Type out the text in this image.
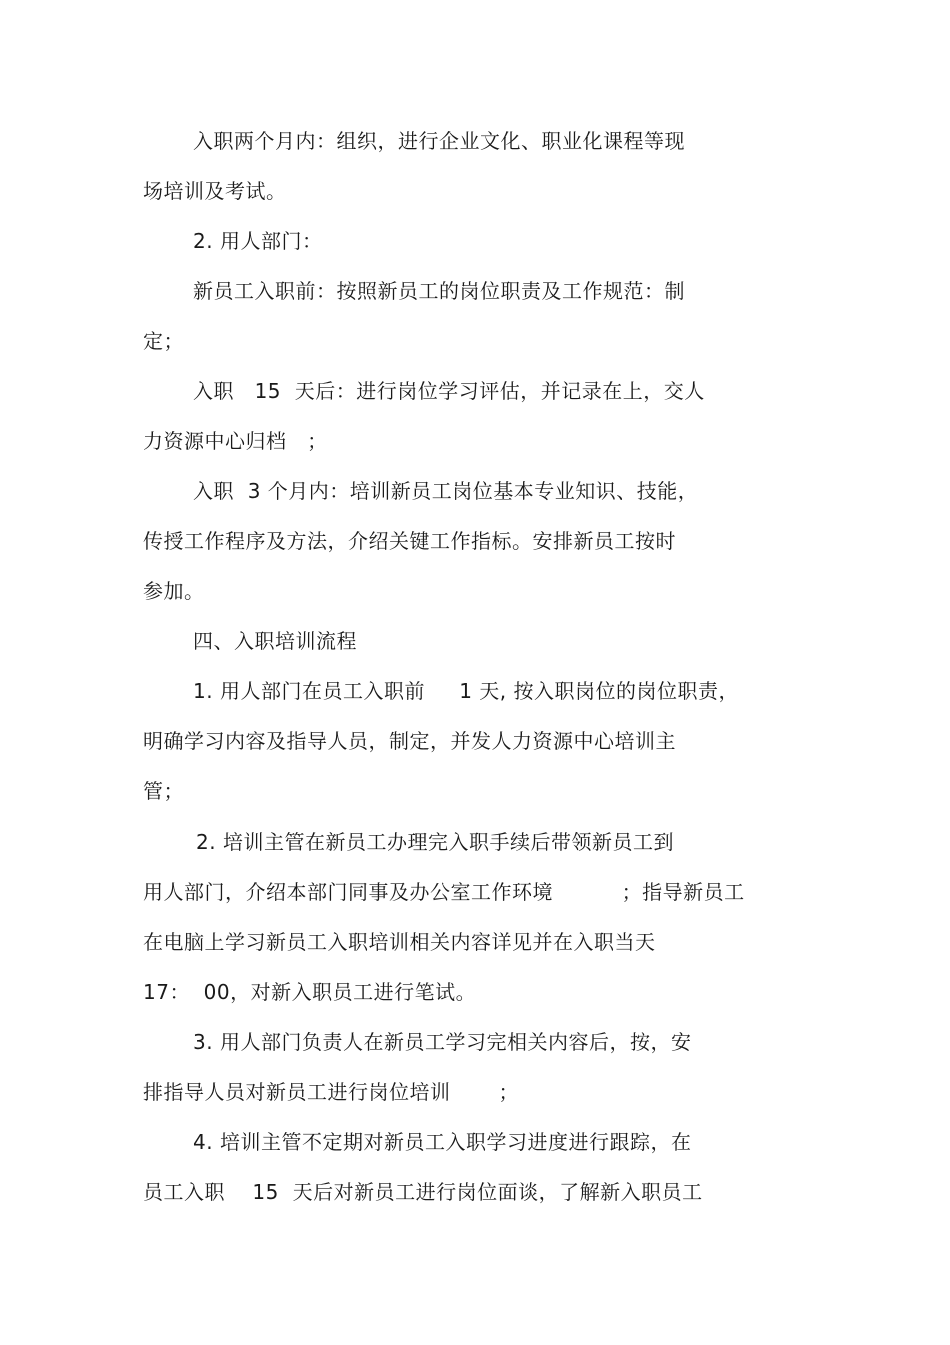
入职两个月内：组织，进行企业文化、职业化课程等现

场培训及考试。

2. 用人部门：

新员工入职前：按照新员工的岗位职责及工作规范：制

定；

入职   15  天后：进行岗位学习评估，并记录在上，交人

力资源中心归档   ；

入职  3 个月内：培训新员工岗位基本专业知识、技能，

传授工作程序及方法，介绍关键工作指标。安排新员工按时

参加。

四、入职培训流程

1. 用人部门在员工入职前     1 天, 按入职岗位的岗位职责，

明确学习内容及指导人员，制定，并发人力资源中心培训主

管；

2. 培训主管在新员工办理完入职手续后带领新员工到

用人部门，介绍本部门同事及办公室工作环境          ；指导新员工

在电脑上学习新员工入职培训相关内容详见并在入职当天

17：  00，对新入职员工进行笔试。

3. 用人部门负责人在新员工学习完相关内容后，按，安

排指导人员对新员工进行岗位培训       ；

4. 培训主管不定期对新员工入职学习进度进行跟踪，在

员工入职    15  天后对新员工进行岗位面谈，了解新入职员工
